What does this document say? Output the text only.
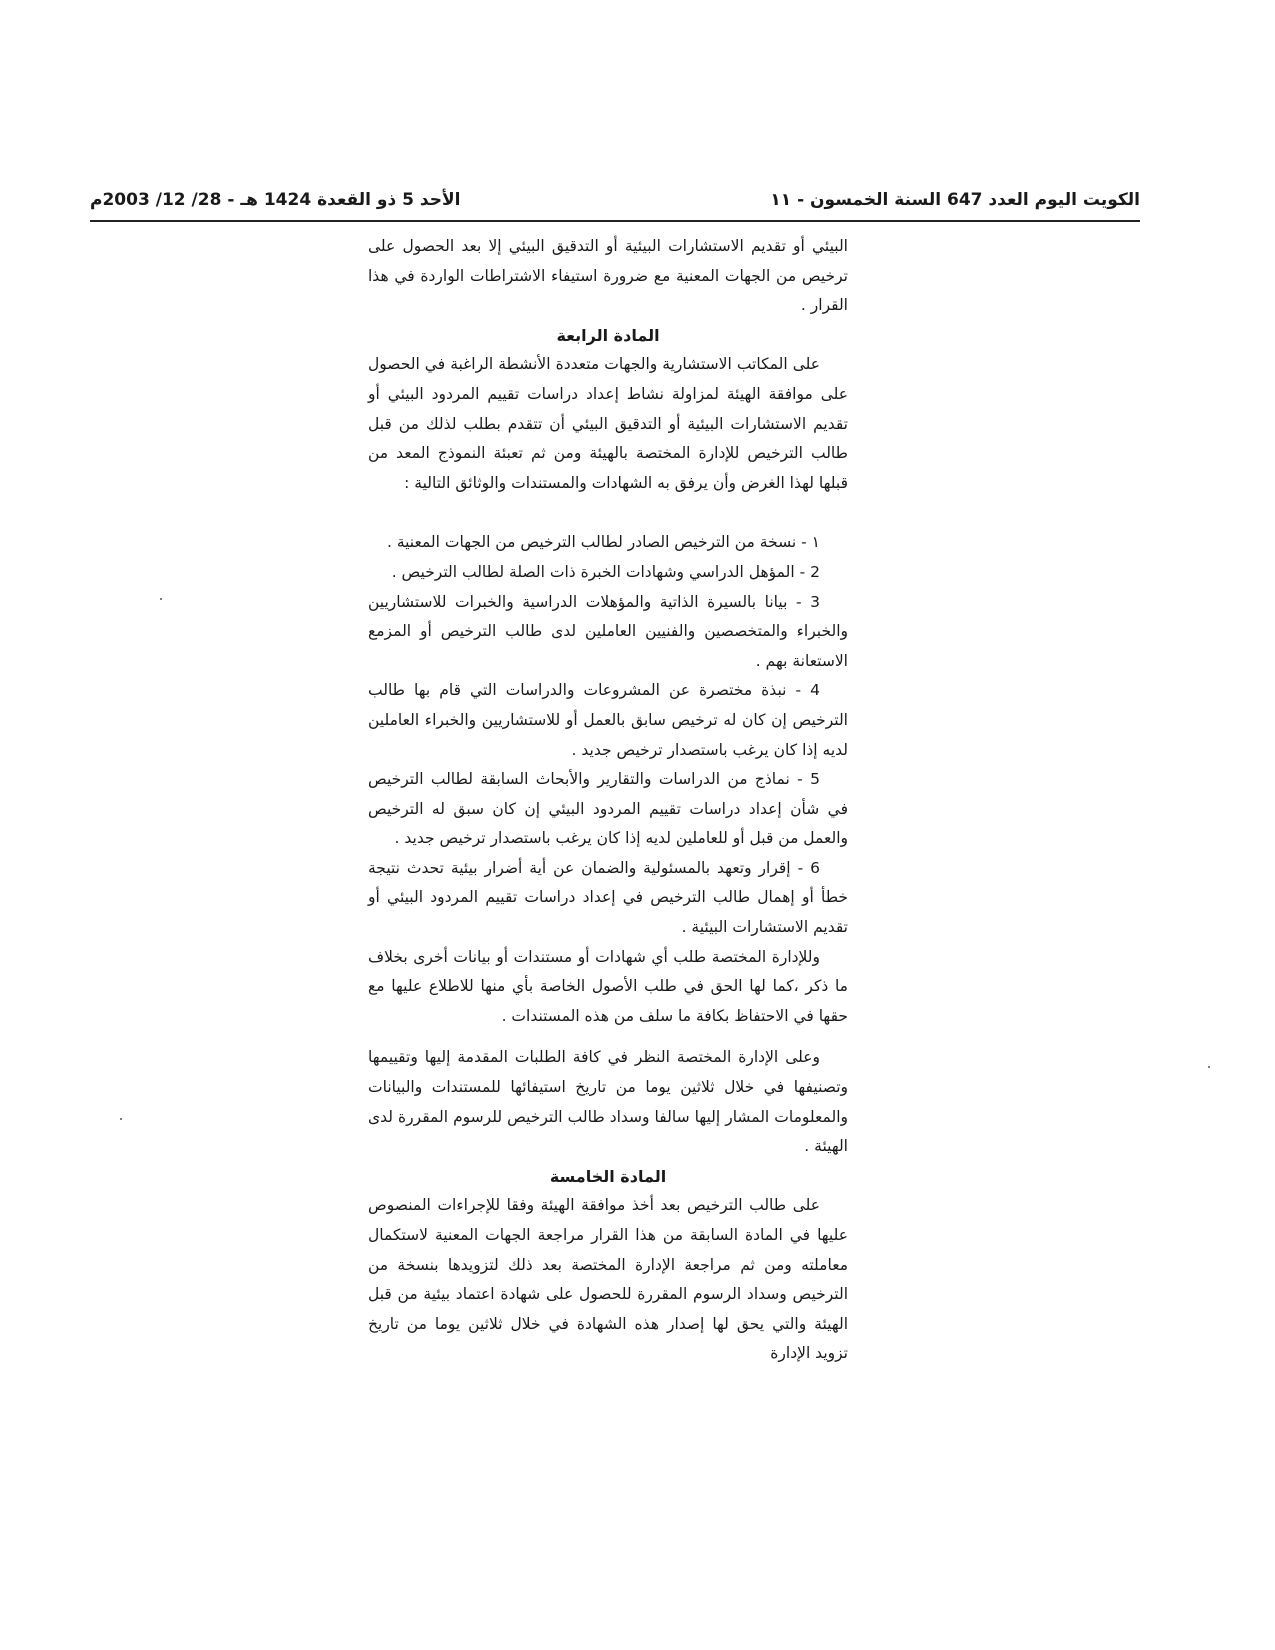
الكويت اليوم العدد 647 السنة الخمسون - ١١
الأحد 5 ذو القعدة 1424 هـ - 28/ 12/ 2003م

البيئي أو تقديم الاستشارات البيئية أو التدقيق البيئي إلا بعد الحصول على ترخيص من الجهات المعنية مع ضرورة استيفاء الاشتراطات الواردة في هذا القرار .

المادة الرابعة

على المكاتب الاستشارية والجهات متعددة الأنشطة الراغبة في الحصول على موافقة الهيئة لمزاولة نشاط إعداد دراسات تقييم المردود البيئي أو تقديم الاستشارات البيئية أو التدقيق البيئي أن تتقدم بطلب لذلك من قبل طالب الترخيص للإدارة المختصة بالهيئة ومن ثم تعبئة النموذج المعد من قبلها لهذا الغرض وأن يرفق به الشهادات والمستندات والوثائق التالية :

١ - نسخة من الترخيص الصادر لطالب الترخيص من الجهات المعنية .

2 - المؤهل الدراسي وشهادات الخبرة ذات الصلة لطالب الترخيص .

3 - بيانا بالسيرة الذاتية والمؤهلات الدراسية والخبرات للاستشاريين والخبراء والمتخصصين والفنيين العاملين لدى طالب الترخيص أو المزمع الاستعانة بهم .

4 - نبذة مختصرة عن المشروعات والدراسات التي قام بها طالب الترخيص إن كان له ترخيص سابق بالعمل أو للاستشاريين والخبراء العاملين لديه إذا كان يرغب باستصدار ترخيص جديد .

5 - نماذج من الدراسات والتقارير والأبحاث السابقة لطالب الترخيص في شأن إعداد دراسات تقييم المردود البيئي إن كان سبق له الترخيص والعمل من قبل أو للعاملين لديه إذا كان يرغب باستصدار ترخيص جديد .

6 - إقرار وتعهد بالمسئولية والضمان عن أية أضرار بيئية تحدث نتيجة خطأ أو إهمال طالب الترخيص في إعداد دراسات تقييم المردود البيئي أو تقديم الاستشارات البيئية .

وللإدارة المختصة طلب أي شهادات أو مستندات أو بيانات أخرى بخلاف ما ذكر ،كما لها الحق في طلب الأصول الخاصة بأي منها للاطلاع عليها مع حقها في الاحتفاظ بكافة ما سلف من هذه المستندات .

وعلى الإدارة المختصة النظر في كافة الطلبات المقدمة إليها وتقييمها وتصنيفها في خلال ثلاثين يوما من تاريخ استيفائها للمستندات والبيانات والمعلومات المشار إليها سالفا وسداد طالب الترخيص للرسوم المقررة لدى الهيئة .

المادة الخامسة

على طالب الترخيص بعد أخذ موافقة الهيئة وفقا للإجراءات المنصوص عليها في المادة السابقة من هذا القرار مراجعة الجهات المعنية لاستكمال معاملته ومن ثم مراجعة الإدارة المختصة بعد ذلك لتزويدها بنسخة من الترخيص وسداد الرسوم المقررة للحصول على شهادة اعتماد بيئية من قبل الهيئة والتي يحق لها إصدار هذه الشهادة في خلال ثلاثين يوما من تاريخ تزويد الإدارة
